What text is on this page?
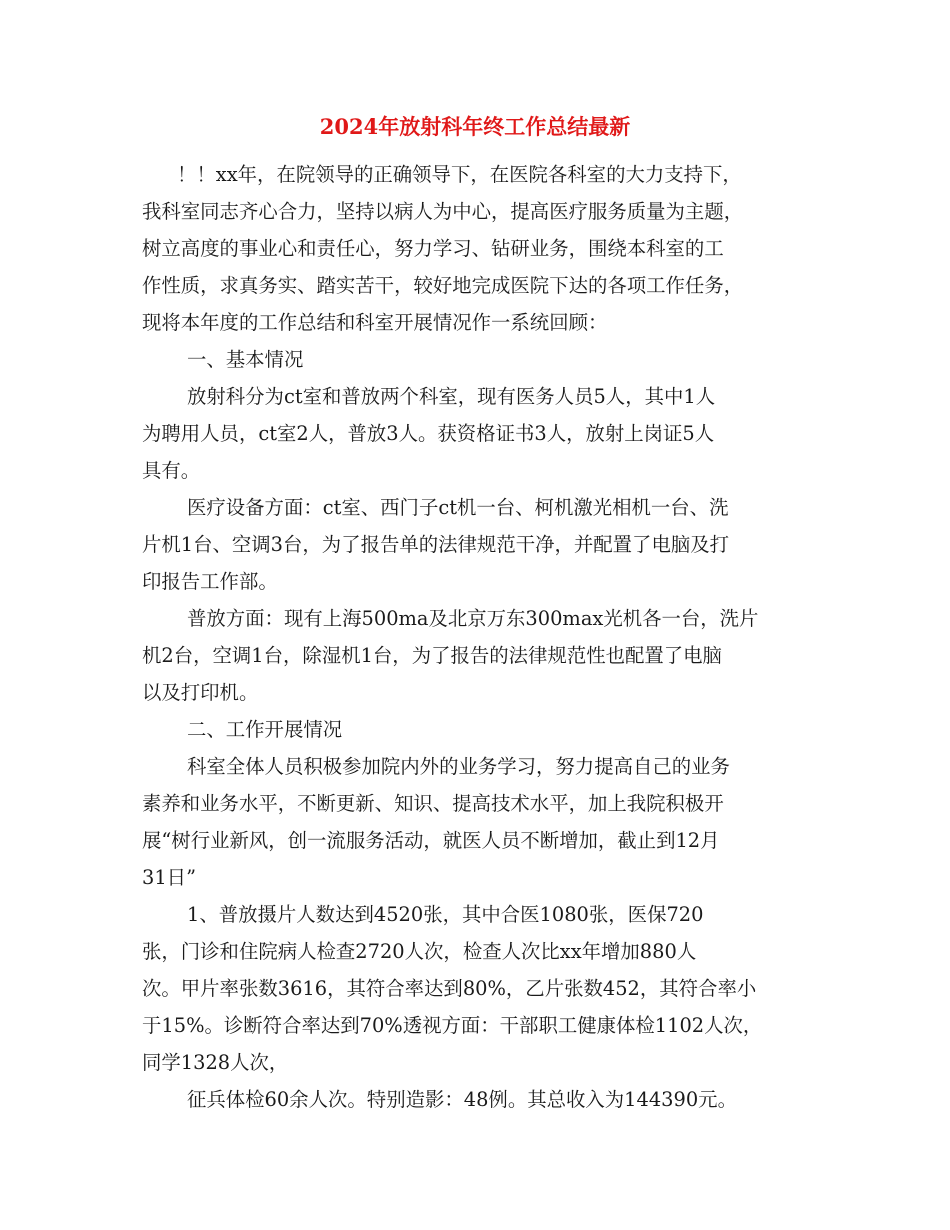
2024年放射科年终工作总结最新

！！xx年，在院领导的正确领导下，在医院各科室的大力支持下，

我科室同志齐心合力，坚持以病人为中心，提高医疗服务质量为主题，

树立高度的事业心和责任心，努力学习、钻研业务，围绕本科室的工

作性质，求真务实、踏实苦干，较好地完成医院下达的各项工作任务，

现将本年度的工作总结和科室开展情况作一系统回顾：

一、基本情况

放射科分为ct室和普放两个科室，现有医务人员5人，其中1人

为聘用人员，ct室2人，普放3人。获资格证书3人，放射上岗证5人

具有。

医疗设备方面：ct室、西门子ct机一台、柯机激光相机一台、洗

片机1台、空调3台，为了报告单的法律规范干净，并配置了电脑及打

印报告工作部。

普放方面：现有上海500ma及北京万东300max光机各一台，洗片

机2台，空调1台，除湿机1台，为了报告的法律规范性也配置了电脑

以及打印机。

二、工作开展情况

科室全体人员积极参加院内外的业务学习，努力提高自己的业务

素养和业务水平，不断更新、知识、提高技术水平，加上我院积极开

展“树行业新风，创一流服务活动，就医人员不断增加，截止到12月

31日”

1、普放摄片人数达到4520张，其中合医1080张，医保720

张，门诊和住院病人检查2720人次，检查人次比xx年增加880人

次。甲片率张数3616，其符合率达到80%，乙片张数452，其符合率小

于15%。诊断符合率达到70%透视方面：干部职工健康体检1102人次，

同学1328人次，

征兵体检60余人次。特别造影：48例。其总收入为144390元。
